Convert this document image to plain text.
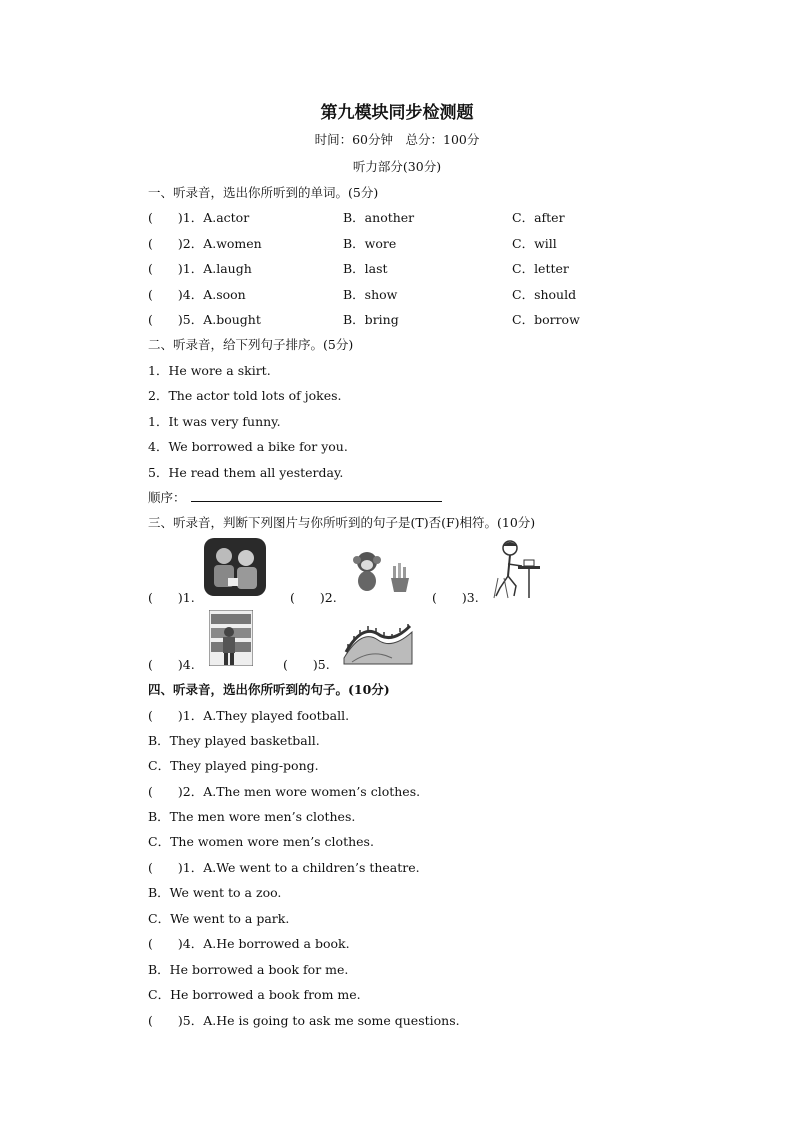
第九模块同步检测题
时间：60分钟　总分：100分
听力部分(30分)
一、听录音，选出你所听到的单词。(5分)
(　　)1．A.actor	B．another	C．after
(　　)2．A.women	B．wore	C．will
(　　)1．A.laugh	B．last	C．letter
(　　)4．A.soon	B．show	C．should
(　　)5．A.bought	B．bring	C．borrow
二、听录音，给下列句子排序。(5分)
1．He wore a skirt.
2．The actor told lots of jokes.
1．It was very funny.
4．We borrowed a bike for you.
5．He read them all yesterday.
顺序：
三、听录音，判断下列图片与你所听到的句子是(T)否(F)相符。(10分)
(　　)1.	(　　)2.	(　　)3.
(　　)4.	(　　)5.
四、听录音，选出你所听到的句子。(10分)
(　　)1．A.They played football.
B．They played basketball.
C．They played ping-pong.
(　　)2．A.The men wore women’s clothes.
B．The men wore men’s clothes.
C．The women wore men’s clothes.
(　　)1．A.We went to a children’s theatre.
B．We went to a zoo.
C．We went to a park.
(　　)4．A.He borrowed a book.
B．He borrowed a book for me.
C．He borrowed a book from me.
(　　)5．A.He is going to ask me some questions.
